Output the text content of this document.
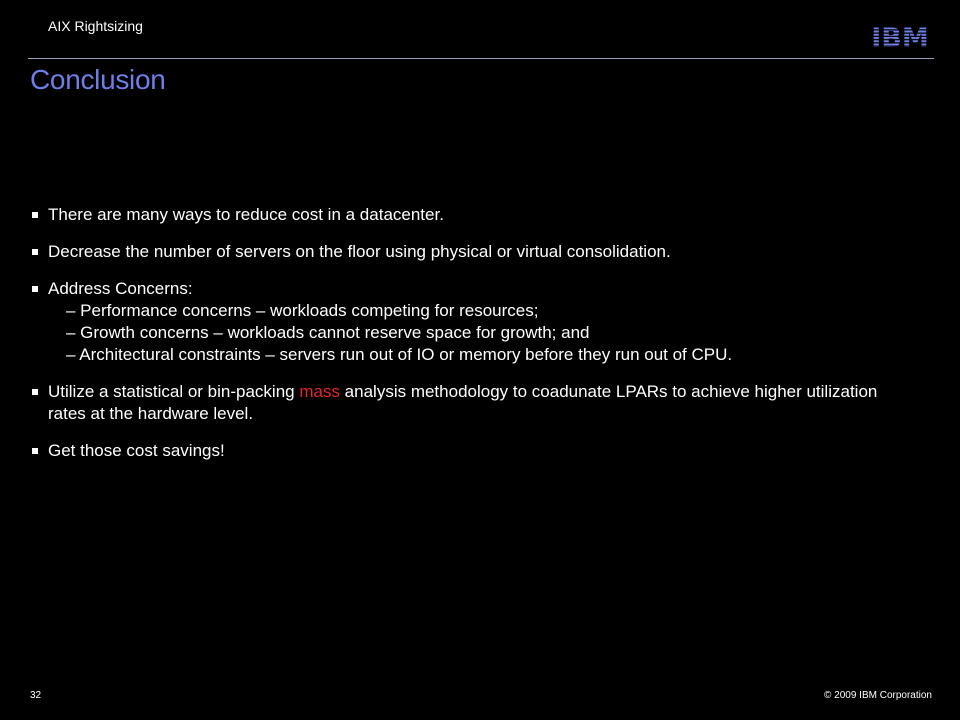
AIX Rightsizing	IBM
Conclusion
There are many ways to reduce cost in a datacenter.
Decrease the number of servers on the floor using physical or virtual consolidation.
Address Concerns:
– Performance concerns – workloads competing for resources;
– Growth concerns – workloads cannot reserve space for growth; and
– Architectural constraints – servers run out of IO or memory before they run out of CPU.
Utilize a statistical or bin-packing mass analysis methodology to coadunate LPARs to achieve higher utilization rates at the hardware level.
Get those cost savings!
32	© 2009 IBM Corporation
